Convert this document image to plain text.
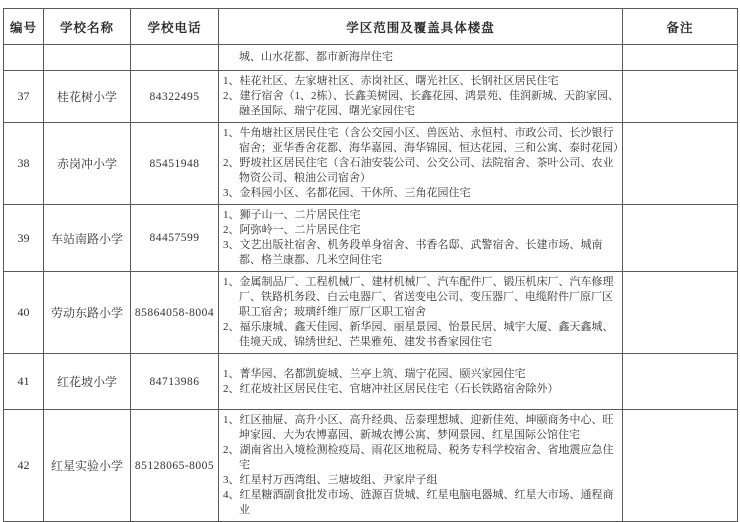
编号	学校名称	学校电话	学区范围及覆盖具体楼盘	备注

			城、山水花都、都市新海岸住宅	

37	桂花树小学	84322495	1、桂花社区、左家塘社区、赤岗社区、曙光社区、长钢社区居民住宅
2、建行宿舍（1、2栋）、长鑫美树园、长鑫花园、鸿景苑、佳润新城、天韵家园、融圣国际、瑞宁花园、曙光家园住宅	

38	赤岗冲小学	85451948	1、牛角塘社区居民住宅（含公交园小区、兽医站、永恒村、市政公司、长沙银行宿舍；亚华香舍花都、海华嘉园、海华锦园、恒达花园、三和公寓、泰时花园）
2、野坡社区居民住宅（含石油安装公司、公交公司、法院宿舍、茶叶公司、农业物资公司、粮油公司宿舍）
3、金科园小区、名都花园、干休所、三角花园住宅	

39	车站南路小学	84457599	1、狮子山一、二片居民住宅
2、阿弥岭一、二片居民住宅
3、文艺出版社宿舍、机务段单身宿舍、书香名邸、武警宿舍、长建市场、城南都、格兰康都、几米空间住宅	

40	劳动东路小学	85864058-8004	1、金属制品厂、工程机械厂、建材机械厂、汽车配件厂、锻压机床厂、汽车修理厂、铁路机务段、白云电器厂、省送变电公司、变压器厂、电缆附件厂原厂区职工宿舍；玻璃纤维厂原厂区职工宿舍
2、福乐康城、鑫天佳园、新华园、丽星景园、怡景民居、城宇大厦、鑫天鑫城、佳境天成、锦绣世纪、芒果雅苑、建发书香家园住宅	

41	红花坡小学	84713986	1、菁华园、名都凯旋城、兰亭上筑、瑞宁花园、颐兴家园住宅
2、红花坡社区居民住宅、官塘冲社区居民住宅（石长铁路宿舍除外）	

42	红星实验小学	85128065-8005	1、红区抽屉、高升小区、高升经典、岳泰理想城、迎新佳苑、坤颐商务中心、旺坤家园、大为农博嘉园、新城农博公寓、梦网景园、红星国际公馆住宅
2、湖南省出入境检测检疫局、雨花区地税局、税务专科学校宿舍、省地震应急住宅
3、红星村万西湾组、三塘坡组、尹家岸子组
4、红星糖酒副食批发市场、涟源百货城、红星电脑电器城、红星大市场、通程商业	
